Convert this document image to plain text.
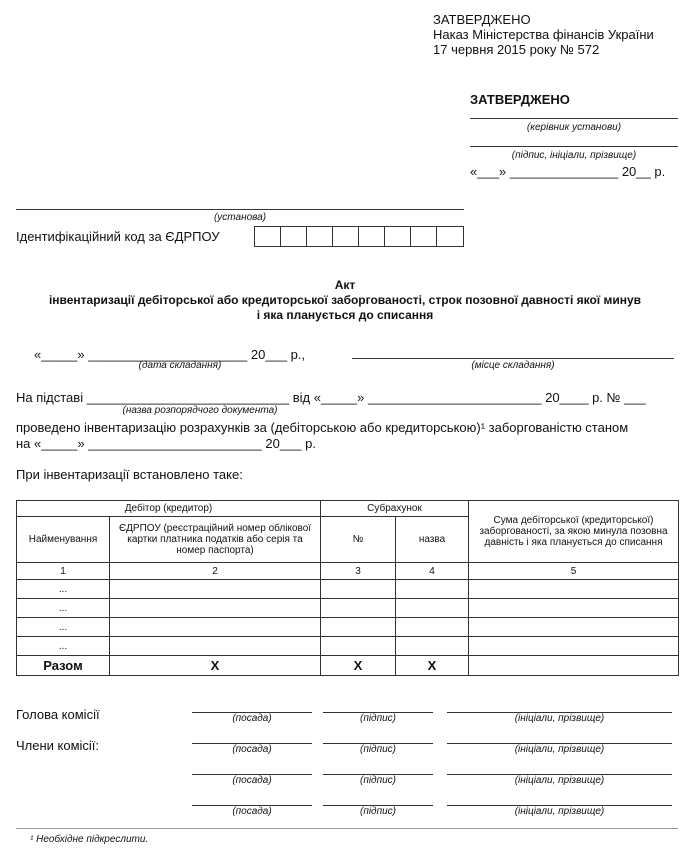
ЗАТВЕРДЖЕНО
Наказ Міністерства фінансів України
17 червня 2015 року № 572
ЗАТВЕРДЖЕНО
(керівник установи)
(підпис, ініціали, прізвище)
«___» _______________ 20__ р.
(установа)
Ідентифікаційний код за ЄДРПОУ
Акт
інвентаризації дебіторської або кредиторської заборгованості, строк позовної давності якої минув
і яка планується до списання
«_____» ______________________ 20___ р.,
(дата складання)	(місце складання)
На підставі ____________________________ від «_____» ________________________ 20____ р. № ___
(назва розпорядчого документа)
проведено інвентаризацію розрахунків за (дебіторською або кредиторською)¹ заборгованістю станом
на «_____» ________________________ 20___ р.
При інвентаризації встановлено таке:
Дебітор (кредитор)		Субрахунок		Сума дебіторської (кредиторської) заборгованості, за якою минула позовна давність і яка планується до списання
Найменування	ЄДРПОУ (реєстраційний номер облікової картки платника податків або серія та номер паспорта)	№	назва	
1	2	3	4	5
...				
...				
...				
...				
Разом	X	X	X	
Голова комісії
Члени комісії:
(посада)	(підпис)	(ініціали, прізвище)
(посада)	(підпис)	(ініціали, прізвище)
(посада)	(підпис)	(ініціали, прізвище)
(посада)	(підпис)	(ініціали, прізвище)
¹ Необхідне підкреслити.
